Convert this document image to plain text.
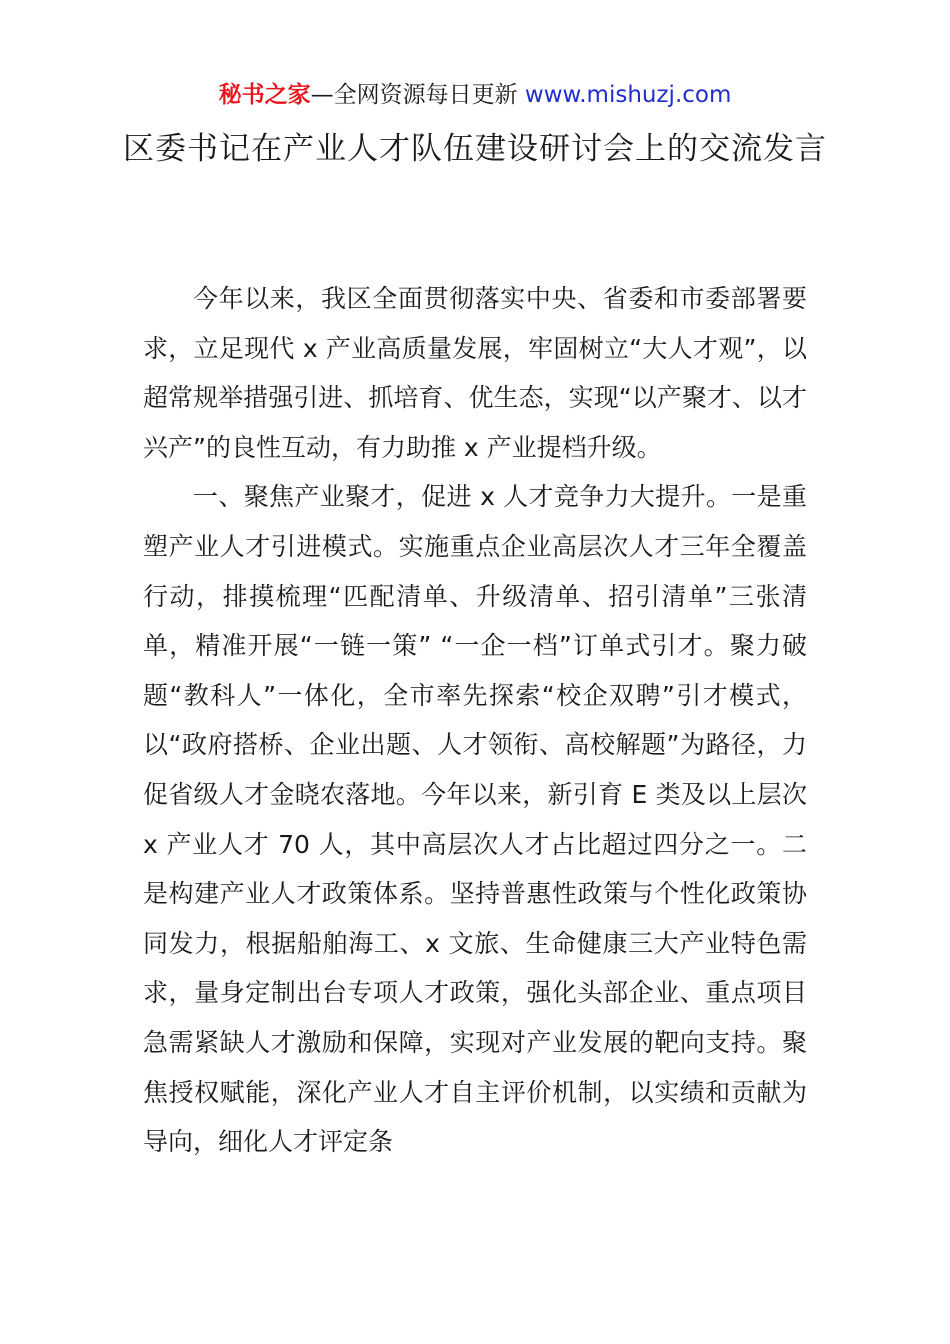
秘书之家—全网资源每日更新 www.mishuzj.com
区委书记在产业人才队伍建设研讨会上的交流发言

今年以来，我区全面贯彻落实中央、省委和市委部署要求，立足现代 x 产业高质量发展，牢固树立“大人才观”，以超常规举措强引进、抓培育、优生态，实现“以产聚才、以才兴产”的良性互动，有力助推 x 产业提档升级。

一、聚焦产业聚才，促进 x 人才竞争力大提升。一是重塑产业人才引进模式。实施重点企业高层次人才三年全覆盖行动，排摸梳理“匹配清单、升级清单、招引清单”三张清单，精准开展“一链一策” “一企一档”订单式引才。聚力破题“教科人”一体化，全市率先探索“校企双聘”引才模式，以“政府搭桥、企业出题、人才领衔、高校解题”为路径，力促省级人才金晓农落地。今年以来，新引育 E 类及以上层次 x 产业人才 70 人，其中高层次人才占比超过四分之一。二是构建产业人才政策体系。坚持普惠性政策与个性化政策协同发力，根据船舶海工、x 文旅、生命健康三大产业特色需求，量身定制出台专项人才政策，强化头部企业、重点项目急需紧缺人才激励和保障，实现对产业发展的靶向支持。聚焦授权赋能，深化产业人才自主评价机制，以实绩和贡献为导向，细化人才评定条
